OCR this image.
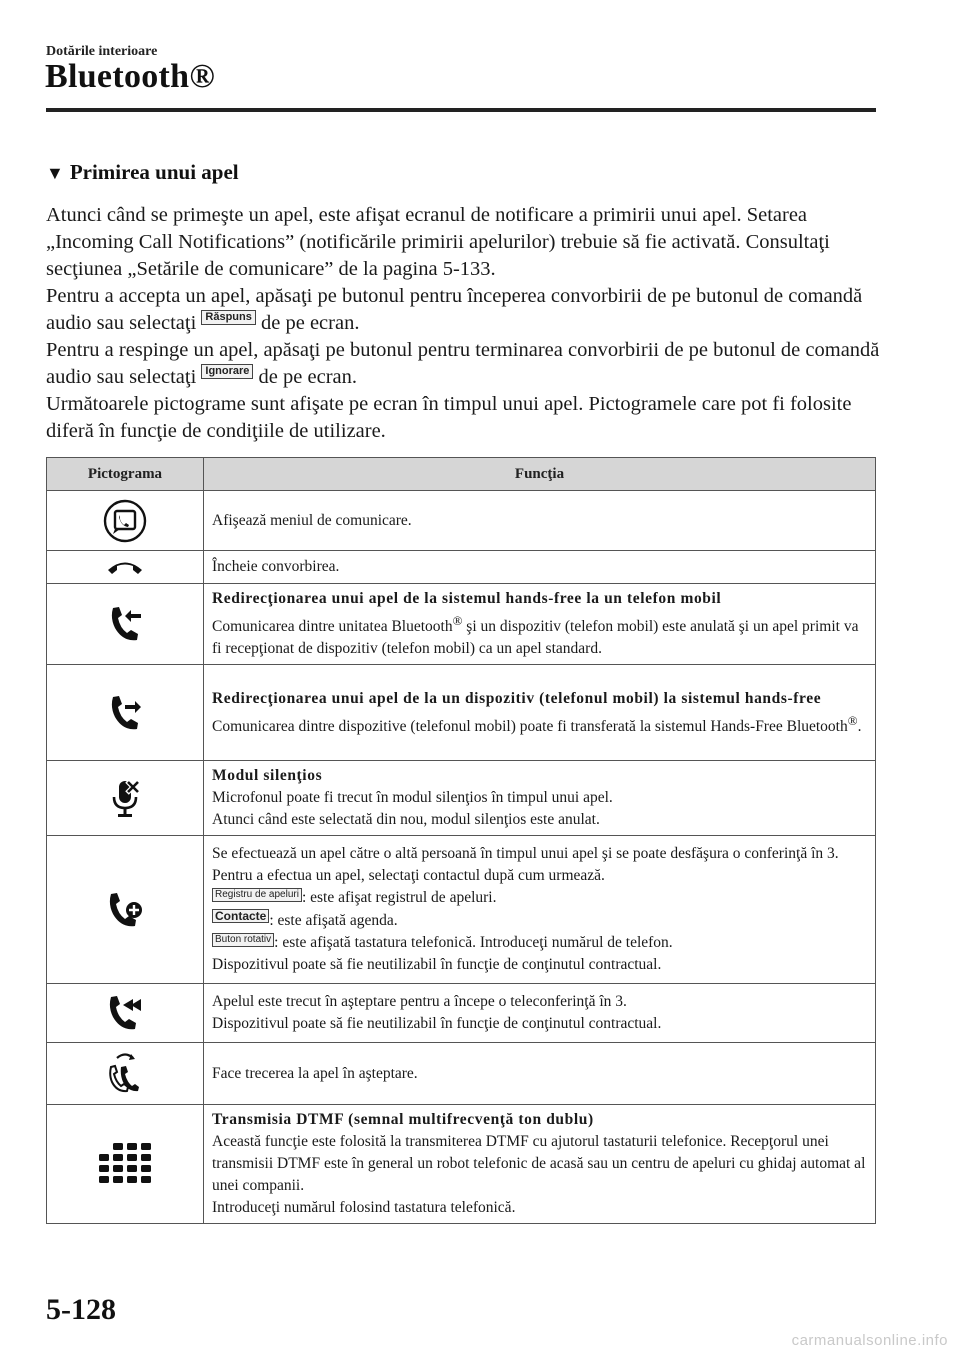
Dotările interioare
Bluetooth®
▼ Primirea unui apel

Atunci când se primeşte un apel, este afişat ecranul de notificare a primirii unui apel. Setarea „Incoming Call Notifications” (notificările primirii apelurilor) trebuie să fie activată. Consultaţi secţiunea „Setările de comunicare” de la pagina 5-133.

Pentru a accepta un apel, apăsaţi pe butonul pentru începerea convorbirii de pe butonul de comandă audio sau selectaţi Răspuns de pe ecran.

Pentru a respinge un apel, apăsaţi pe butonul pentru terminarea convorbirii de pe butonul de comandă audio sau selectaţi Ignorare de pe ecran.

Următoarele pictograme sunt afişate pe ecran în timpul unui apel. Pictogramele care pot fi folosite diferă în funcţie de condiţiile de utilizare.

Pictograma	Funcţia
	Afişează meniul de comunicare.
	Încheie convorbirea.

Redirecţionarea unui apel de la sistemul hands-free la un telefon mobil
Comunicarea dintre unitatea Bluetooth® şi un dispozitiv (telefon mobil) este anulată şi un apel primit va fi recepţionat de dispozitiv (telefon mobil) ca un apel standard.

Redirecţionarea unui apel de la un dispozitiv (telefonul mobil) la sistemul hands-free
Comunicarea dintre dispozitive (telefonul mobil) poate fi transferată la sistemul Hands-Free Bluetooth®.

Modul silenţios
Microfonul poate fi trecut în modul silenţios în timpul unui apel.
Atunci când este selectată din nou, modul silenţios este anulat.

Se efectuează un apel către o altă persoană în timpul unui apel şi se poate desfăşura o conferinţă în 3. Pentru a efectua un apel, selectaţi contactul după cum urmează.
Registru de apeluri : este afişat registrul de apeluri.
Contacte : este afişată agenda.
Buton rotativ : este afişată tastatura telefonică. Introduceţi numărul de telefon.
Dispozitivul poate să fie neutilizabil în funcţie de conţinutul contractual.

Apelul este trecut în aşteptare pentru a începe o teleconferinţă în 3.
Dispozitivul poate să fie neutilizabil în funcţie de conţinutul contractual.

	Face trecerea la apel în aşteptare.

Transmisia DTMF (semnal multifrecvenţă ton dublu)
Această funcţie este folosită la transmiterea DTMF cu ajutorul tastaturii telefonice. Recepţorul unei transmisii DTMF este în general un robot telefonic de acasă sau un centru de apeluri cu ghidaj automat al unei companii.
Introduceţi numărul folosind tastatura telefonică.
5-128
carmanualsonline.info
